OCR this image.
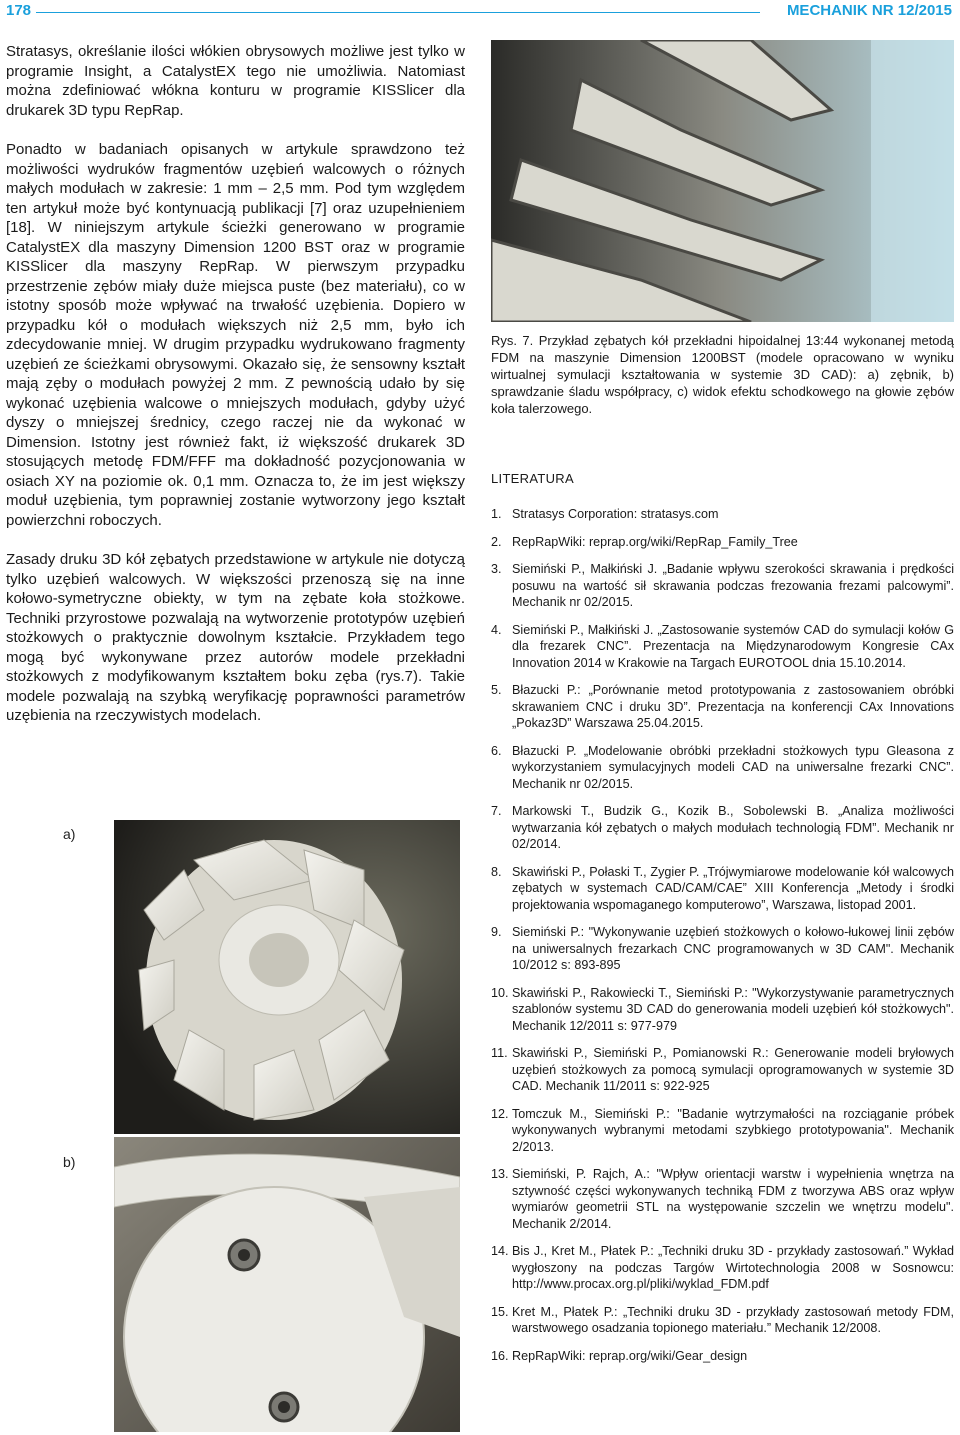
178	MECHANIK NR 12/2015

Stratasys, określanie ilości włókien obrysowych możliwe jest tylko w programie Insight, a CatalystEX tego nie umożliwia. Natomiast można zdefiniować włókna konturu w programie KISSlicer dla drukarek 3D typu RepRap.

Ponadto w badaniach opisanych w artykule sprawdzono też możliwości wydruków fragmentów uzębień walcowych o różnych małych modułach w zakresie: 1 mm – 2,5 mm. Pod tym względem ten artykuł może być kontynuacją publikacji [7] oraz uzupełnieniem [18]. W niniejszym artykule ścieżki generowano w programie CatalystEX dla maszyny Dimension 1200 BST oraz w programie KISSlicer dla maszyny RepRap. W pierwszym przypadku przestrzenie zębów miały duże miejsca puste (bez materiału), co w istotny sposób może wpływać na trwałość uzębienia. Dopiero w przypadku kół o modułach większych niż 2,5 mm, było ich zdecydowanie mniej. W drugim przypadku wydrukowano fragmenty uzębień ze ścieżkami obrysowymi. Okazało się, że sensowny kształt mają zęby o modułach powyżej 2 mm. Z pewnością udało by się wykonać uzębienia walcowe o mniejszych modułach, gdyby użyć dyszy o mniejszej średnicy, czego raczej nie da wykonać w Dimension. Istotny jest również fakt, iż większość drukarek 3D stosujących metodę FDM/FFF ma dokładność pozycjonowania w osiach XY na poziomie ok. 0,1 mm. Oznacza to, że im jest większy moduł uzębienia, tym poprawniej zostanie wytworzony jego kształt powierzchni roboczych.

Zasady druku 3D kół zębatych przedstawione w artykule nie dotyczą tylko uzębień walcowych. W większości przenoszą się na inne kołowo-symetryczne obiekty, w tym na zębate koła stożkowe. Techniki przyrostowe pozwalają na wytworzenie prototypów uzębień stożkowych o praktycznie dowolnym kształcie. Przykładem tego mogą być wykonywane przez autorów modele przekładni stożkowych z modyfikowanym kształtem boku zęba (rys.7). Takie modele pozwalają na szybką weryfikację poprawności parametrów uzębienia na rzeczywistych modelach.

a)
b)
Rys. 7. Przykład zębatych kół przekładni hipoidalnej 13:44 wykonanej metodą FDM na maszynie Dimension 1200BST (modele opracowano w wyniku wirtualnej symulacji kształtowania w systemie 3D CAD): a) zębnik, b) sprawdzanie śladu współpracy, c) widok efektu schodkowego na głowie zębów koła talerzowego.
LITERATURA
1. Stratasys Corporation: stratasys.com
2. RepRapWiki: reprap.org/wiki/RepRap_Family_Tree
3. Siemiński P., Małkiński J. „Badanie wpływu szerokości skrawania i prędkości posuwu na wartość sił skrawania podczas frezowania frezami palcowymi”. Mechanik nr 02/2015.
4. Siemiński P., Małkiński J. „Zastosowanie systemów CAD do symulacji kołów G dla frezarek CNC”. Prezentacja na Międzynarodowym Kongresie CAx Innovation 2014 w Krakowie na Targach EUROTOOL dnia 15.10.2014.
5. Błazucki P.: „Porównanie metod prototypowania z zastosowaniem obróbki skrawaniem CNC i druku 3D”. Prezentacja na konferencji CAx Innovations „Pokaz3D” Warszawa 25.04.2015.
6. Błazucki P. „Modelowanie obróbki przekładni stożkowych typu Gleasona z wykorzystaniem symulacyjnych modeli CAD na uniwersalne frezarki CNC”. Mechanik nr 02/2015.
7. Markowski T., Budzik G., Kozik B., Sobolewski B. „Analiza możliwości wytwarzania kół zębatych o małych modułach technologią FDM”. Mechanik nr 02/2014.
8. Skawiński P., Połaski T., Zygier P. „Trójwymiarowe modelowanie kół walcowych zębatych w systemach CAD/CAM/CAE” XIII Konferencja „Metody i środki projektowania wspomaganego komputerowo”, Warszawa, listopad 2001.
9. Siemiński P.: "Wykonywanie uzębień stożkowych o kołowo-łukowej linii zębów na uniwersalnych frezarkach CNC programowanych w 3D CAM". Mechanik 10/2012 s: 893-895
10. Skawiński P., Rakowiecki T., Siemiński P.: "Wykorzystywanie parametrycznych szablonów systemu 3D CAD do generowania modeli uzębień kół stożkowych". Mechanik 12/2011 s: 977-979
11. Skawiński P., Siemiński P., Pomianowski R.: Generowanie modeli bryłowych uzębień stożkowych za pomocą symulacji oprogramowanych w systemie 3D CAD. Mechanik 11/2011 s: 922-925
12. Tomczuk M., Siemiński P.: "Badanie wytrzymałości na rozciąganie próbek wykonywanych wybranymi metodami szybkiego prototypowania". Mechanik 2/2013.
13. Siemiński, P. Rajch, A.: "Wpływ orientacji warstw i wypełnienia wnętrza na sztywność części wykonywanych techniką FDM z tworzywa ABS oraz wpływ wymiarów geometrii STL na występowanie szczelin we wnętrzu modelu". Mechanik 2/2014.
14. Bis J., Kret M., Płatek P.: „Techniki druku 3D - przykłady zastosowań.” Wykład wygłoszony na podczas Targów Wirtotechnologia 2008 w Sosnowcu: http://www.procax.org.pl/pliki/wyklad_FDM.pdf
15. Kret M., Płatek P.: „Techniki druku 3D - przykłady zastosowań metody FDM, warstwowego osadzania topionego materiału.” Mechanik 12/2008.
16. RepRapWiki: reprap.org/wiki/Gear_design
